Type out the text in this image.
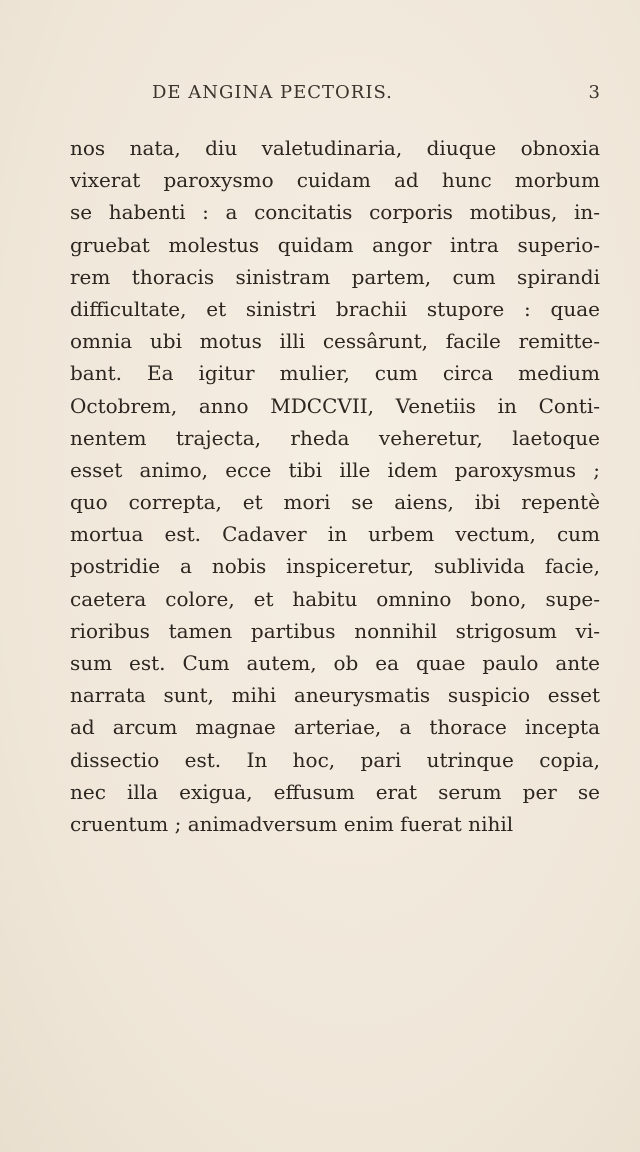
DE ANGINA PECTORIS.	3
nos nata, diu valetudinaria, diuque obnoxia
vixerat paroxysmo cuidam ad hunc morbum
se habenti : a concitatis corporis motibus, in-
gruebat molestus quidam angor intra superio-
rem thoracis sinistram partem, cum spirandi
difficultate, et sinistri brachii stupore : quae
omnia ubi motus illi cessârunt, facile remitte-
bant. Ea igitur mulier, cum circa medium
Octobrem, anno MDCCVII, Venetiis in Conti-
nentem trajecta, rheda veheretur, laetoque
esset animo, ecce tibi ille idem paroxysmus ;
quo correpta, et mori se aiens, ibi repentè
mortua est. Cadaver in urbem vectum, cum
postridie a nobis inspiceretur, sublivida facie,
caetera colore, et habitu omnino bono, supe-
rioribus tamen partibus nonnihil strigosum vi-
sum est. Cum autem, ob ea quae paulo ante
narrata sunt, mihi aneurysmatis suspicio esset
ad arcum magnae arteriae, a thorace incepta
dissectio est. In hoc, pari utrinque copia,
nec illa exigua, effusum erat serum per se
cruentum ; animadversum enim fuerat nihil
